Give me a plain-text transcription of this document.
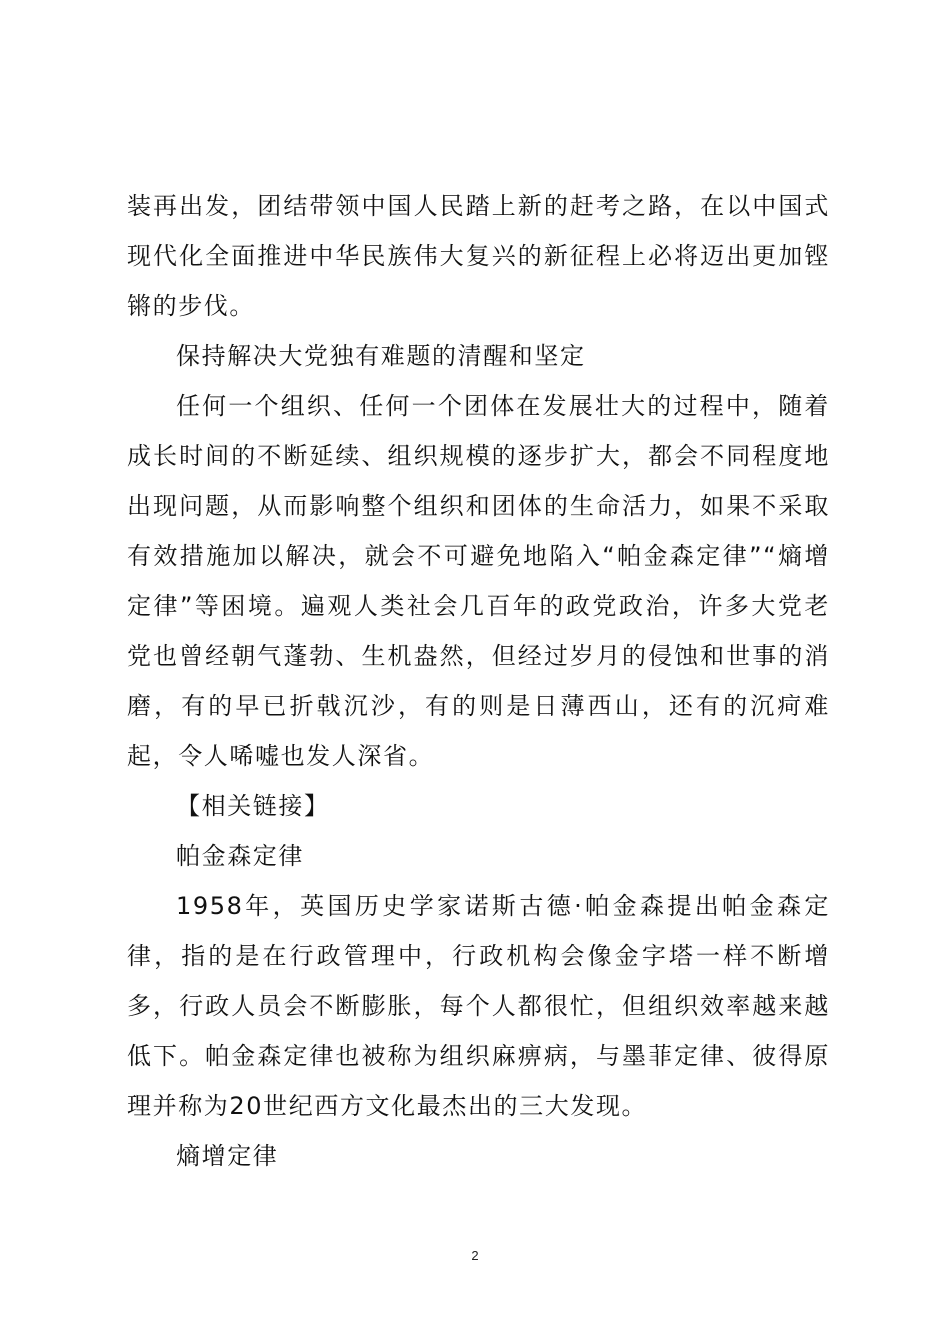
装再出发，团结带领中国人民踏上新的赶考之路，在以中国式现代化全面推进中华民族伟大复兴的新征程上必将迈出更加铿锵的步伐。

保持解决大党独有难题的清醒和坚定

任何一个组织、任何一个团体在发展壮大的过程中，随着成长时间的不断延续、组织规模的逐步扩大，都会不同程度地出现问题，从而影响整个组织和团体的生命活力，如果不采取有效措施加以解决，就会不可避免地陷入“帕金森定律”“熵增定律”等困境。遍观人类社会几百年的政党政治，许多大党老党也曾经朝气蓬勃、生机盎然，但经过岁月的侵蚀和世事的消磨，有的早已折戟沉沙，有的则是日薄西山，还有的沉疴难起，令人唏嘘也发人深省。

【相关链接】

帕金森定律

1958年，英国历史学家诺斯古德·帕金森提出帕金森定律，指的是在行政管理中，行政机构会像金字塔一样不断增多，行政人员会不断膨胀，每个人都很忙，但组织效率越来越低下。帕金森定律也被称为组织麻痹病，与墨菲定律、彼得原理并称为20世纪西方文化最杰出的三大发现。

熵增定律

2
